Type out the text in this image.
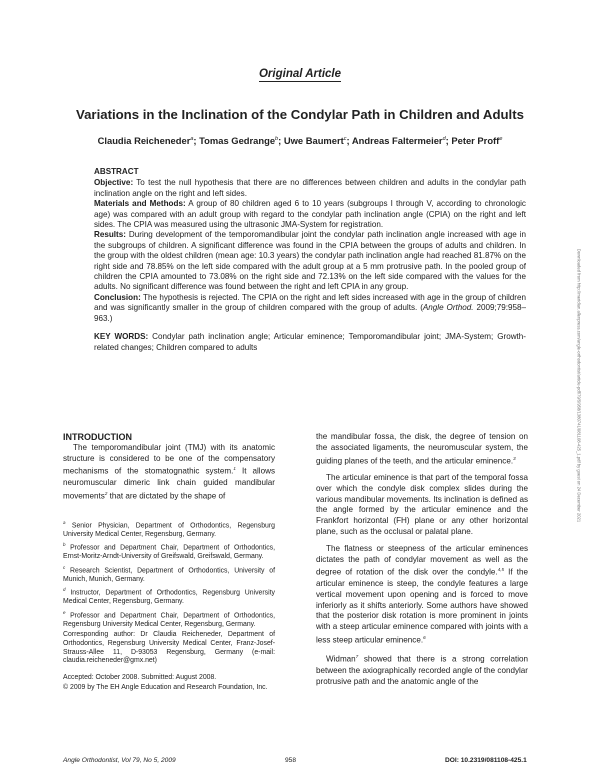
Original Article
Variations in the Inclination of the Condylar Path in Children and Adults
Claudia Reicheneder$^a$; Tomas Gedrange$^b$; Uwe Baumert$^c$; Andreas Faltermeier$^d$; Peter Proff$^e$

ABSTRACT

Objective: To test the null hypothesis that there are no differences between children and adults in the condylar path inclination angle on the right and left sides.

Materials and Methods: A group of 80 children aged 6 to 10 years (subgroups I through V, according to chronologic age) was compared with an adult group with regard to the condylar path inclination angle (CPIA) on the right and left sides. The CPIA was measured using the ultrasonic JMA-System for registration.

Results: During development of the temporomandibular joint the condylar path inclination angle increased with age in the subgroups of children. A significant difference was found in the CPIA between the groups of adults and children. In the group with the oldest children (mean age: 10.3 years) the condylar path inclination angle had reached 81.87% on the right side and 78.85% on the left side compared with the adult group at a 5 mm protrusive path. In the pooled group of children the CPIA amounted to 73.08% on the right side and 72.13% on the left side compared with the values for the adults. No significant difference was found between the right and left CPIA in any group.

Conclusion: The hypothesis is rejected. The CPIA on the right and left sides increased with age in the group of children and was significantly smaller in the group of children compared with the group of adults. (Angle Orthod. 2009;79:958–963.)

KEY WORDS: Condylar path inclination angle; Articular eminence; Temporomandibular joint; JMA-System; Growth-related changes; Children compared to adults	Downloaded from http://meridian.allenpress.com/angle-orthodontist/article-pdf/79/5/958/1380741/081108-425_1.pdf by guest on 24 December 2021

INTRODUCTION

The temporomandibular joint (TMJ) with its anatomic structure is considered to be one of the compensatory mechanisms of the stomatognathic system.$^1$ It allows neuromuscular dimeric link chain guided mandibular movements$^2$ that are dictated by the shape of

$^a$ Senior Physician, Department of Orthodontics, Regensburg University Medical Center, Regensburg, Germany.

$^b$ Professor and Department Chair, Department of Orthodontics, Ernst-Moritz-Arndt-University of Greifswald, Greifswald, Germany.

$^c$ Research Scientist, Department of Orthodontics, University of Munich, Munich, Germany.

$^d$ Instructor, Department of Orthodontics, Regensburg University Medical Center, Regensburg, Germany.

$^e$ Professor and Department Chair, Department of Orthodontics, Regensburg University Medical Center, Regensburg, Germany.

Corresponding author: Dr Claudia Reicheneder, Department of Orthodontics, Regensburg University Medical Center, Franz-Josef-Strauss-Allee 11, D-93053 Regensburg, Germany (e-mail: claudia.reicheneder@gmx.net)

Accepted: October 2008. Submitted: August 2008.

© 2009 by The EH Angle Education and Research Foundation, Inc.

the mandibular fossa, the disk, the degree of tension on the associated ligaments, the neuromuscular system, the guiding planes of the teeth, and the articular eminence.$^3$

The articular eminence is that part of the temporal fossa over which the condyle disk complex slides during the various mandibular movements. Its inclination is defined as the angle formed by the articular eminence and the Frankfort horizontal (FH) plane or any other horizontal plane, such as the occlusal or palatal plane.

The flatness or steepness of the articular eminences dictates the path of condylar movement as well as the degree of rotation of the disk over the condyle.$^{4,5}$ If the articular eminence is steep, the condyle features a large vertical movement upon opening and is forced to move inferiorly as it shifts anteriorly. Some authors have showed that the posterior disk rotation is more prominent in joints with a steep articular eminence compared with joints with a less steep articular eminence.$^6$

Widman$^7$ showed that there is a strong correlation between the axiographically recorded angle of the condylar protrusive path and the anatomic angle of the

Angle Orthodontist, Vol 79, No 5, 2009	958	DOI: 10.2319/081108-425.1
